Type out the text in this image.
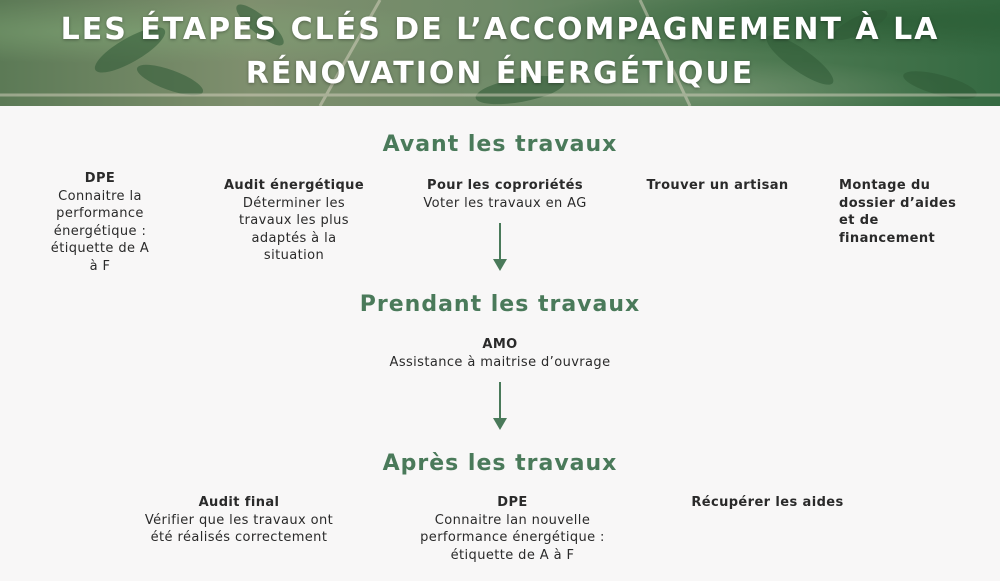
LES ÉTAPES CLÉS DE L’ACCOMPAGNEMENT À LA
RÉNOVATION ÉNERGÉTIQUE
Avant les travaux
DPE
Connaitre la performance énergétique : étiquette de A à F
Audit énergétique
Déterminer les travaux les plus adaptés à la situation
Pour les coproriétés
Voter les travaux en AG
Trouver un artisan	Montage du dossier d’aides et de financement
Prendant les travaux
AMO
Assistance à maitrise d’ouvrage
Après les travaux
Audit final
Vérifier que les travaux ont été réalisés correctement
DPE
Connaitre lan nouvelle performance énergétique : étiquette de A à F
Récupérer les aides
